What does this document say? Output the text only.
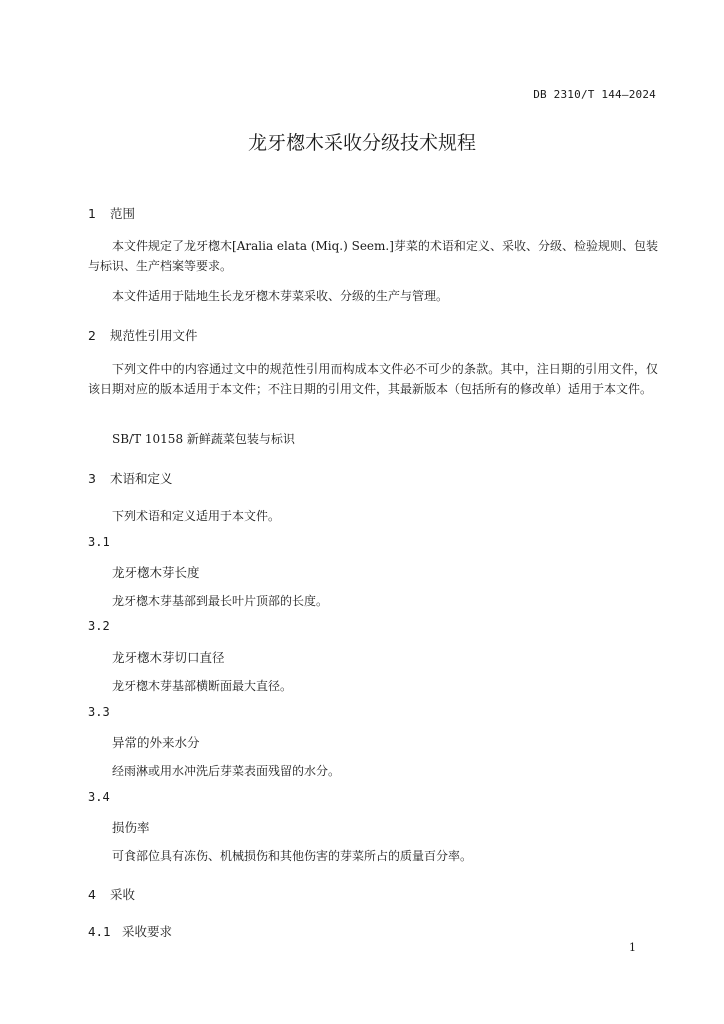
DB 2310/T 144—2024
龙牙楤木采收分级技术规程
1 范围
本文件规定了龙牙楤木[Aralia elata (Miq.) Seem.]芽菜的术语和定义、采收、分级、检验规则、包装与标识、生产档案等要求。
本文件适用于陆地生长龙牙楤木芽菜采收、分级的生产与管理。
2 规范性引用文件
下列文件中的内容通过文中的规范性引用而构成本文件必不可少的条款。其中，注日期的引用文件，仅该日期对应的版本适用于本文件；不注日期的引用文件，其最新版本（包括所有的修改单）适用于本文件。
SB/T 10158 新鲜蔬菜包装与标识
3 术语和定义
下列术语和定义适用于本文件。
3.1
龙牙楤木芽长度
龙牙楤木芽基部到最长叶片顶部的长度。
3.2
龙牙楤木芽切口直径
龙牙楤木芽基部横断面最大直径。
3.3
异常的外来水分
经雨淋或用水冲洗后芽菜表面残留的水分。
3.4
损伤率
可食部位具有冻伤、机械损伤和其他伤害的芽菜所占的质量百分率。
4 采收
4.1 采收要求
1
